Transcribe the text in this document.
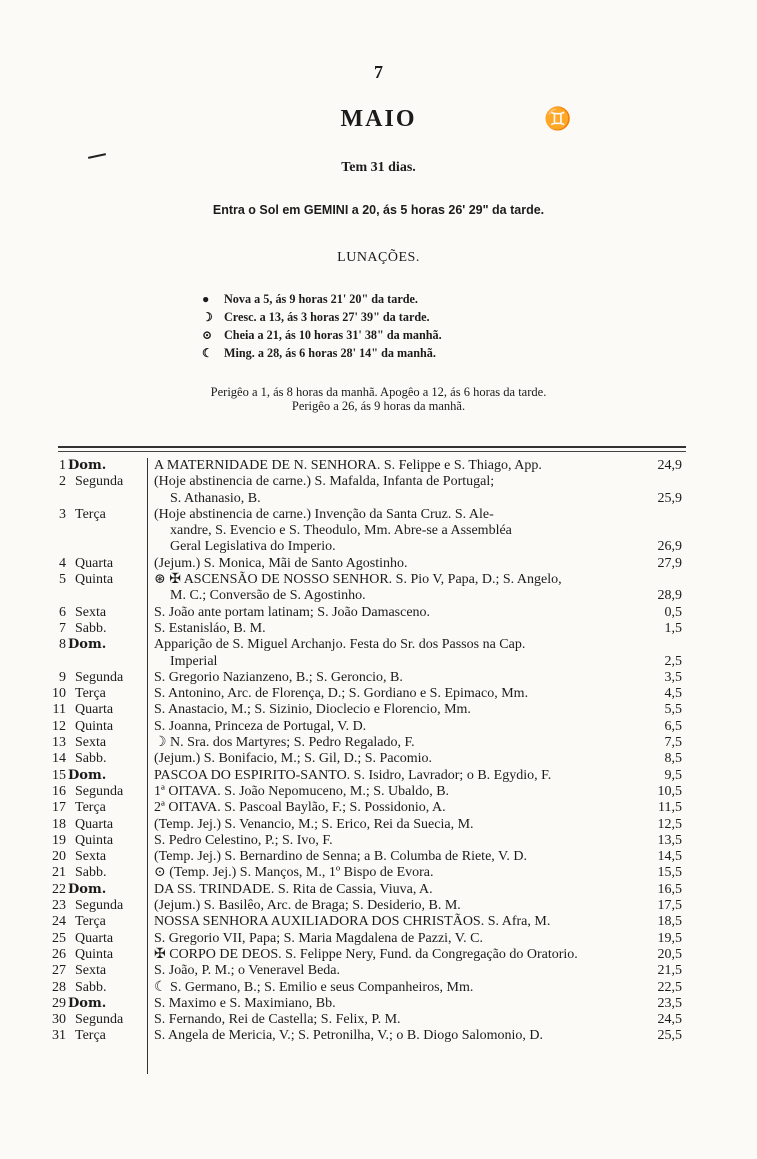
7
MAIO	♊
Tem 31 dias.
Entra o Sol em GEMINI a 20, ás 5 horas 26' 29" da tarde.
LUNAÇÕES.
● Nova a 5, ás 9 horas 21' 20" da tarde.
☽ Cresc. a 13, ás 3 horas 27' 39" da tarde.
⊙ Cheia a 21, ás 10 horas 31' 38" da manhã.
☾ Ming. a 28, ás 6 horas 28' 14" da manhã.
Perigêo a 1, ás 8 horas da manhã. Apogêo a 12, ás 6 horas da tarde.
Perigêo a 26, ás 9 horas da manhã.
1 Dom.	A MATERNIDADE DE N. SENHORA. S. Felippe e S. Thiago, App.	24,9
2 Segunda (Hoje abstinencia de carne.) S. Mafalda, Infanta de Portugal;
S. Athanasio, B.	25,9
3 Terça	(Hoje abstinencia de carne.) Invenção da Santa Cruz. S. Ale-
xandre, S. Evencio e S. Theodulo, Mm. Abre-se a Assembléa
Geral Legislativa do Imperio.	26,9
4 Quarta	(Jejum.) S. Monica, Mãi de Santo Agostinho.	27,9
5 Quinta	⊛ ✠ ASCENSÃO DE NOSSO SENHOR. S. Pio V, Papa, D.; S. Angelo,
M. C.; Conversão de S. Agostinho.	28,9
6 Sexta	S. João ante portam latinam; S. João Damasceno.	0,5
7 Sabb.	S. Estanisláo, B. M.	1,5
8 Dom.	Apparição de S. Miguel Archanjo. Festa do Sr. dos Passos na Cap.
Imperial	2,5
9 Segunda S. Gregorio Nazianzeno, B.; S. Geroncio, B.	3,5
10 Terça	S. Antonino, Arc. de Florença, D.; S. Gordiano e S. Epimaco, Mm.	4,5
11 Quarta	S. Anastacio, M.; S. Sizinio, Dioclecio e Florencio, Mm.	5,5
12 Quinta	S. Joanna, Princeza de Portugal, V. D.	6,5
13 Sexta	☽ N. Sra. dos Martyres; S. Pedro Regalado, F.	7,5
14 Sabb.	(Jejum.) S. Bonifacio, M.; S. Gil, D.; S. Pacomio.	8,5
15 Dom.	PASCOA DO ESPIRITO-SANTO. S. Isidro, Lavrador; o B. Egydio, F.	9,5
16 Segunda 1ª OITAVA. S. João Nepomuceno, M.; S. Ubaldo, B.	10,5
17 Terça	2ª OITAVA. S. Pascoal Baylão, F.; S. Possidonio, A.	11,5
18 Quarta	(Temp. Jej.) S. Venancio, M.; S. Erico, Rei da Suecia, M.	12,5
19 Quinta	S. Pedro Celestino, P.; S. Ivo, F.	13,5
20 Sexta	(Temp. Jej.) S. Bernardino de Senna; a B. Columba de Riete, V. D.	14,5
21 Sabb.	⊙ (Temp. Jej.) S. Manços, M., 1º Bispo de Evora.	15,5
22 Dom.	DA SS. TRINDADE. S. Rita de Cassia, Viuva, A.	16,5
23 Segunda (Jejum.) S. Basilêo, Arc. de Braga; S. Desiderio, B. M.	17,5
24 Terça	NOSSA SENHORA AUXILIADORA DOS CHRISTÃOS. S. Afra, M.	18,5
25 Quarta	S. Gregorio VII, Papa; S. Maria Magdalena de Pazzi, V. C.	19,5
26 Quinta	✠ CORPO DE DEOS. S. Felippe Nery, Fund. da Congregação do Oratorio.	20,5
27 Sexta	S. João, P. M.; o Veneravel Beda.	21,5
28 Sabb.	☾ S. Germano, B.; S. Emilio e seus Companheiros, Mm.	22,5
29 Dom.	S. Maximo e S. Maximiano, Bb.	23,5
30 Segunda S. Fernando, Rei de Castella; S. Felix, P. M.	24,5
31 Terça	S. Angela de Mericia, V.; S. Petronilha, V.; o B. Diogo Salomonio, D.	25,5
